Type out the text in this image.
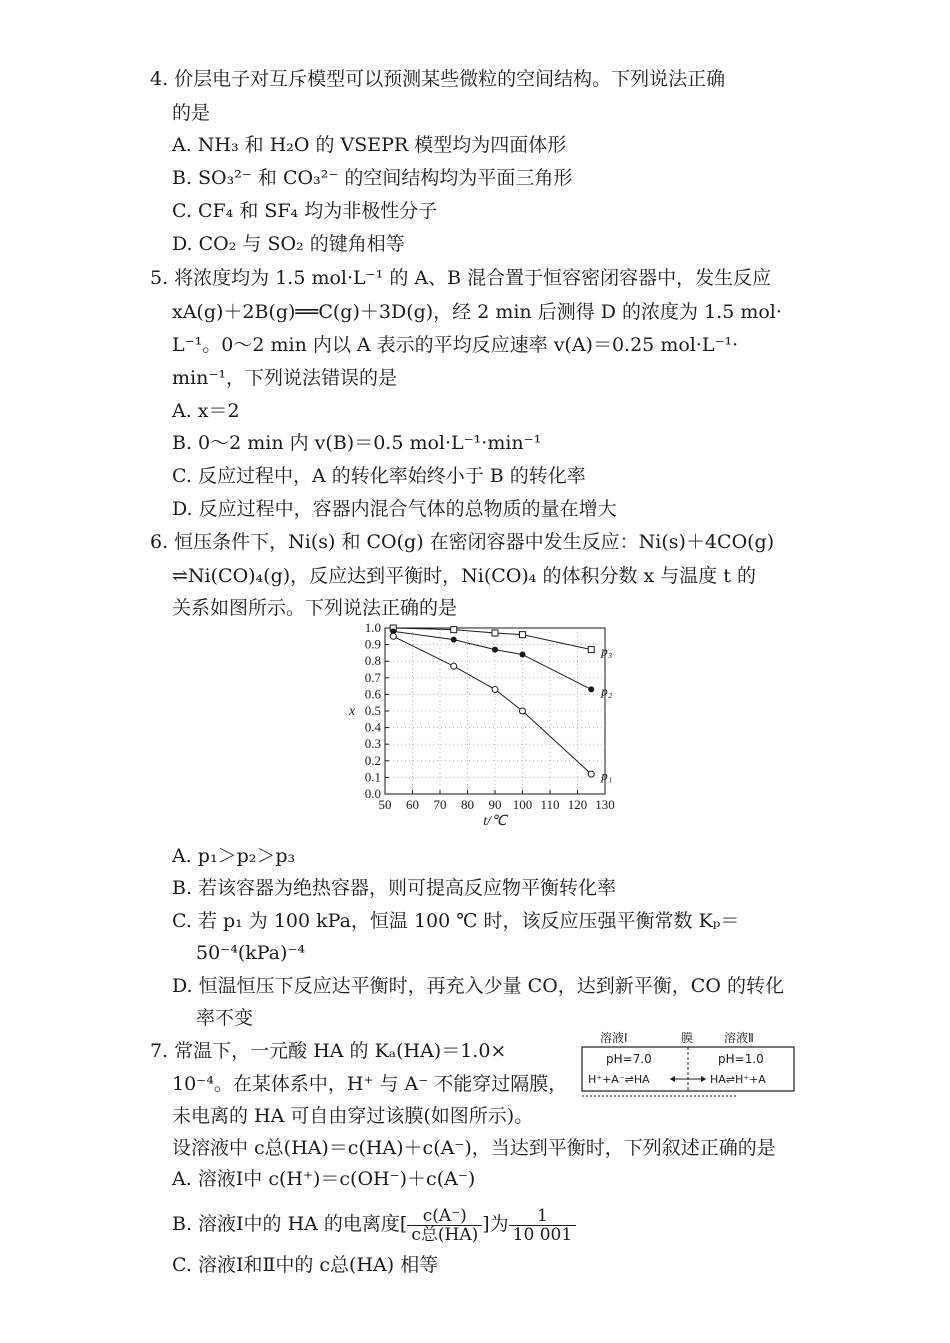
4. 价层电子对互斥模型可以预测某些微粒的空间结构。下列说法正确
的是
A. NH₃ 和 H₂O 的 VSEPR 模型均为四面体形
B. SO₃²⁻ 和 CO₃²⁻ 的空间结构均为平面三角形
C. CF₄ 和 SF₄ 均为非极性分子
D. CO₂ 与 SO₂ 的键角相等
5. 将浓度均为 1.5 mol·L⁻¹ 的 A、B 混合置于恒容密闭容器中，发生反应
xA(g)＋2B(g)══C(g)＋3D(g)，经 2 min 后测得 D 的浓度为 1.5 mol·
L⁻¹。0～2 min 内以 A 表示的平均反应速率 v(A)＝0.25 mol·L⁻¹·
min⁻¹，下列说法错误的是
A. x＝2
B. 0～2 min 内 v(B)＝0.5 mol·L⁻¹·min⁻¹
C. 反应过程中，A 的转化率始终小于 B 的转化率
D. 反应过程中，容器内混合气体的总物质的量在增大
6. 恒压条件下，Ni(s) 和 CO(g) 在密闭容器中发生反应：Ni(s)＋4CO(g)
⇌Ni(CO)₄(g)，反应达到平衡时，Ni(CO)₄ 的体积分数 x 与温度 t 的
关系如图所示。下列说法正确的是
50 60 70 80 90 100 110 120 130
0.0
0.1
0.2
0.3
0.4
0.5
0.6
0.7
0.8
0.9
1.0
t/℃
x
p₃
p₂
p₁
A. p₁＞p₂＞p₃
B. 若该容器为绝热容器，则可提高反应物平衡转化率
C. 若 p₁ 为 100 kPa，恒温 100 ℃ 时，该反应压强平衡常数 Kₚ＝
50⁻⁴(kPa)⁻⁴
D. 恒温恒压下反应达平衡时，再充入少量 CO，达到新平衡，CO 的转化
率不变
7. 常温下，一元酸 HA 的 Kₐ(HA)＝1.0×
10⁻⁴。在某体系中，H⁺ 与 A⁻ 不能穿过隔膜，
未电离的 HA 可自由穿过该膜(如图所示)。
溶液Ⅰ	膜	溶液Ⅱ
pH=7.0	pH=1.0
H⁺+A⁻⇌HA	HA⇌H⁺+A
设溶液中 c总(HA)＝c(HA)＋c(A⁻)，当达到平衡时，下列叙述正确的是
A. 溶液Ⅰ中 c(H⁺)＝c(OH⁻)＋c(A⁻)
B. 溶液Ⅰ中的 HA 的电离度[ $\frac{c(A^-)}{\text{c总(HA)}}$ ]为 $\frac{1}{10 001}$
C. 溶液Ⅰ和Ⅱ中的 c总(HA) 相等
